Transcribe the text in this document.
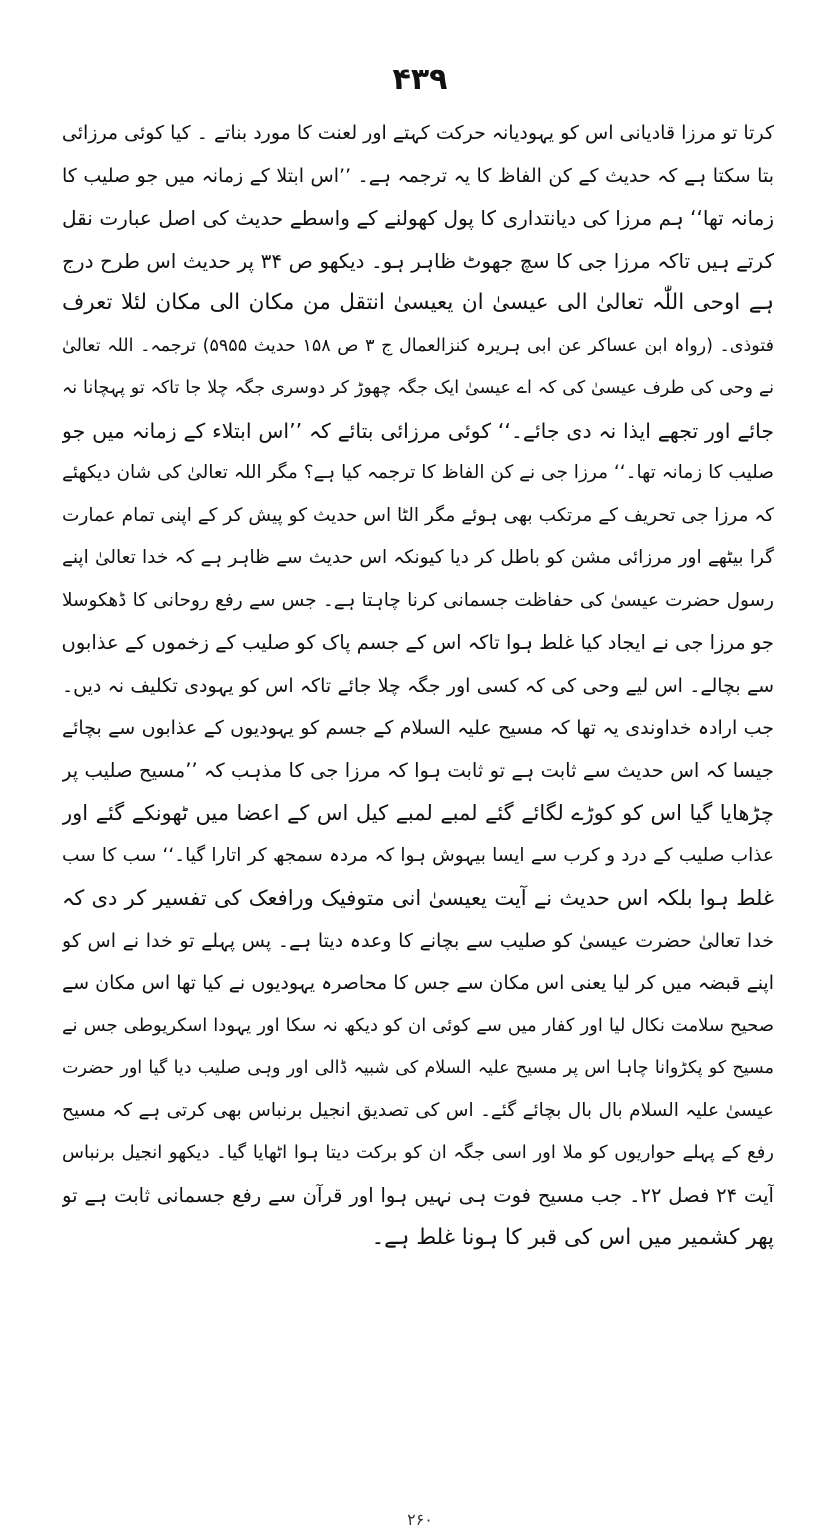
۴۳۹
کرتا تو مرزا قادیانی اس کو یہودیانہ حرکت کہتے اور لعنت کا مورد بناتے ۔ کیا کوئی مرزائی
بتا سکتا ہے کہ حدیث کے کن الفاظ کا یہ ترجمہ ہے۔ ’’اس ابتلا کے زمانہ میں جو صلیب کا
زمانہ تھا‘‘ ہم مرزا کی دیانتداری کا پول کھولنے کے واسطے حدیث کی اصل عبارت نقل
کرتے ہیں تاکہ مرزا جی کا سچ جھوٹ ظاہر ہو۔ دیکھو ص ۳۴ پر حدیث اس طرح درج
ہے اوحی اللّٰہ تعالیٰ الی عیسیٰ ان یعیسیٰ انتقل من مکان الی مکان لئلا تعرف
فتوذی۔ (رواہ ابن عساکر عن ابی ہریرہ کنزالعمال ج ۳ ص ۱۵۸ حدیث ۵۹۵۵) ترجمہ۔ اللہ تعالیٰ
نے وحی کی طرف عیسیٰ کی کہ اے عیسیٰ ایک جگہ چھوڑ کر دوسری جگہ چلا جا تاکہ تو پہچانا نہ
جائے اور تجھے ایذا نہ دی جائے۔‘‘ کوئی مرزائی بتائے کہ ’’اس ابتلاء کے زمانہ میں جو
صلیب کا زمانہ تھا۔‘‘ مرزا جی نے کن الفاظ کا ترجمہ کیا ہے؟ مگر اللہ تعالیٰ کی شان دیکھئے
کہ مرزا جی تحریف کے مرتکب بھی ہوئے مگر الٹا اس حدیث کو پیش کر کے اپنی تمام عمارت
گرا بیٹھے اور مرزائی مشن کو باطل کر دیا کیونکہ اس حدیث سے ظاہر ہے کہ خدا تعالیٰ اپنے
رسول حضرت عیسیٰ کی حفاظت جسمانی کرنا چاہتا ہے۔ جس سے رفع روحانی کا ڈھکوسلا
جو مرزا جی نے ایجاد کیا غلط ہوا تاکہ اس کے جسم پاک کو صلیب کے زخموں کے عذابوں
سے بچالے۔ اس لیے وحی کی کہ کسی اور جگہ چلا جائے تاکہ اس کو یہودی تکلیف نہ دیں۔
جب ارادہ خداوندی یہ تھا کہ مسیح علیہ السلام کے جسم کو یہودیوں کے عذابوں سے بچائے
جیسا کہ اس حدیث سے ثابت ہے تو ثابت ہوا کہ مرزا جی کا مذہب کہ ’’مسیح صلیب پر
چڑھایا گیا اس کو کوڑے لگائے گئے لمبے لمبے کیل اس کے اعضا میں ٹھونکے گئے اور
عذاب صلیب کے درد و کرب سے ایسا بیہوش ہوا کہ مردہ سمجھ کر اتارا گیا۔‘‘ سب کا سب
غلط ہوا بلکہ اس حدیث نے آیت یعیسیٰ انی متوفیک ورافعک کی تفسیر کر دی کہ
خدا تعالیٰ حضرت عیسیٰ کو صلیب سے بچانے کا وعدہ دیتا ہے۔ پس پہلے تو خدا نے اس کو
اپنے قبضہ میں کر لیا یعنی اس مکان سے جس کا محاصرہ یہودیوں نے کیا تھا اس مکان سے
صحیح سلامت نکال لیا اور کفار میں سے کوئی ان کو دیکھ نہ سکا اور یہودا اسکریوطی جس نے
مسیح کو پکڑوانا چاہا اس پر مسیح علیہ السلام کی شبیہ ڈالی اور وہی صلیب دیا گیا اور حضرت
عیسیٰ علیہ السلام بال بال بچائے گئے۔ اس کی تصدیق انجیل برنباس بھی کرتی ہے کہ مسیح
رفع کے پہلے حواریوں کو ملا اور اسی جگہ ان کو برکت دیتا ہوا اٹھایا گیا۔ دیکھو انجیل برنباس
آیت ۲۴ فصل ۲۲۔ جب مسیح فوت ہی نہیں ہوا اور قرآن سے رفع جسمانی ثابت ہے تو
پھر کشمیر میں اس کی قبر کا ہونا غلط ہے۔
۲۶۰
